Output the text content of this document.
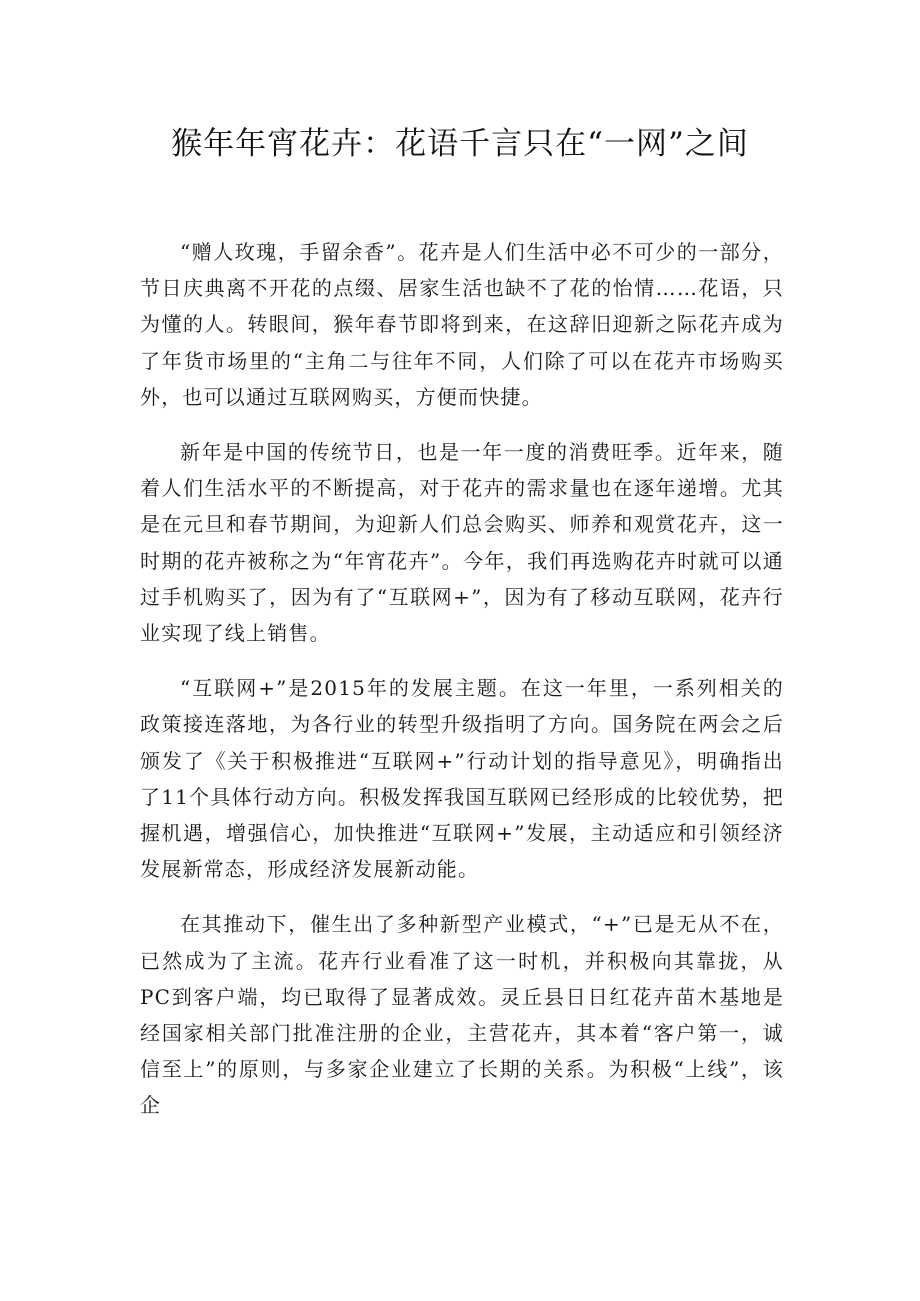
猴年年宵花卉：花语千言只在“一网”之间

“赠人玫瑰，手留余香”。花卉是人们生活中必不可少的一部分，节日庆典离不开花的点缀、居家生活也缺不了花的怡情……花语，只为懂的人。转眼间，猴年春节即将到来，在这辞旧迎新之际花卉成为了年货市场里的“主角二与往年不同，人们除了可以在花卉市场购买外，也可以通过互联网购买，方便而快捷。

新年是中国的传统节日，也是一年一度的消费旺季。近年来，随着人们生活水平的不断提高，对于花卉的需求量也在逐年递增。尤其是在元旦和春节期间，为迎新人们总会购买、师养和观赏花卉，这一时期的花卉被称之为“年宵花卉”。今年，我们再选购花卉时就可以通过手机购买了，因为有了“互联网+”，因为有了移动互联网，花卉行业实现了线上销售。

“互联网+”是2015年的发展主题。在这一年里，一系列相关的政策接连落地，为各行业的转型升级指明了方向。国务院在两会之后颁发了《关于积极推进“互联网+”行动计划的指导意见》，明确指出了11个具体行动方向。积极发挥我国互联网已经形成的比较优势，把握机遇，增强信心，加快推进“互联网+”发展，主动适应和引领经济发展新常态，形成经济发展新动能。

在其推动下，催生出了多种新型产业模式，“+”已是无从不在，已然成为了主流。花卉行业看准了这一时机，并积极向其靠拢，从PC到客户端，均已取得了显著成效。灵丘县日日红花卉苗木基地是经国家相关部门批准注册的企业，主营花卉，其本着“客户第一，诚信至上”的原则，与多家企业建立了长期的关系。为积极“上线”，该企
